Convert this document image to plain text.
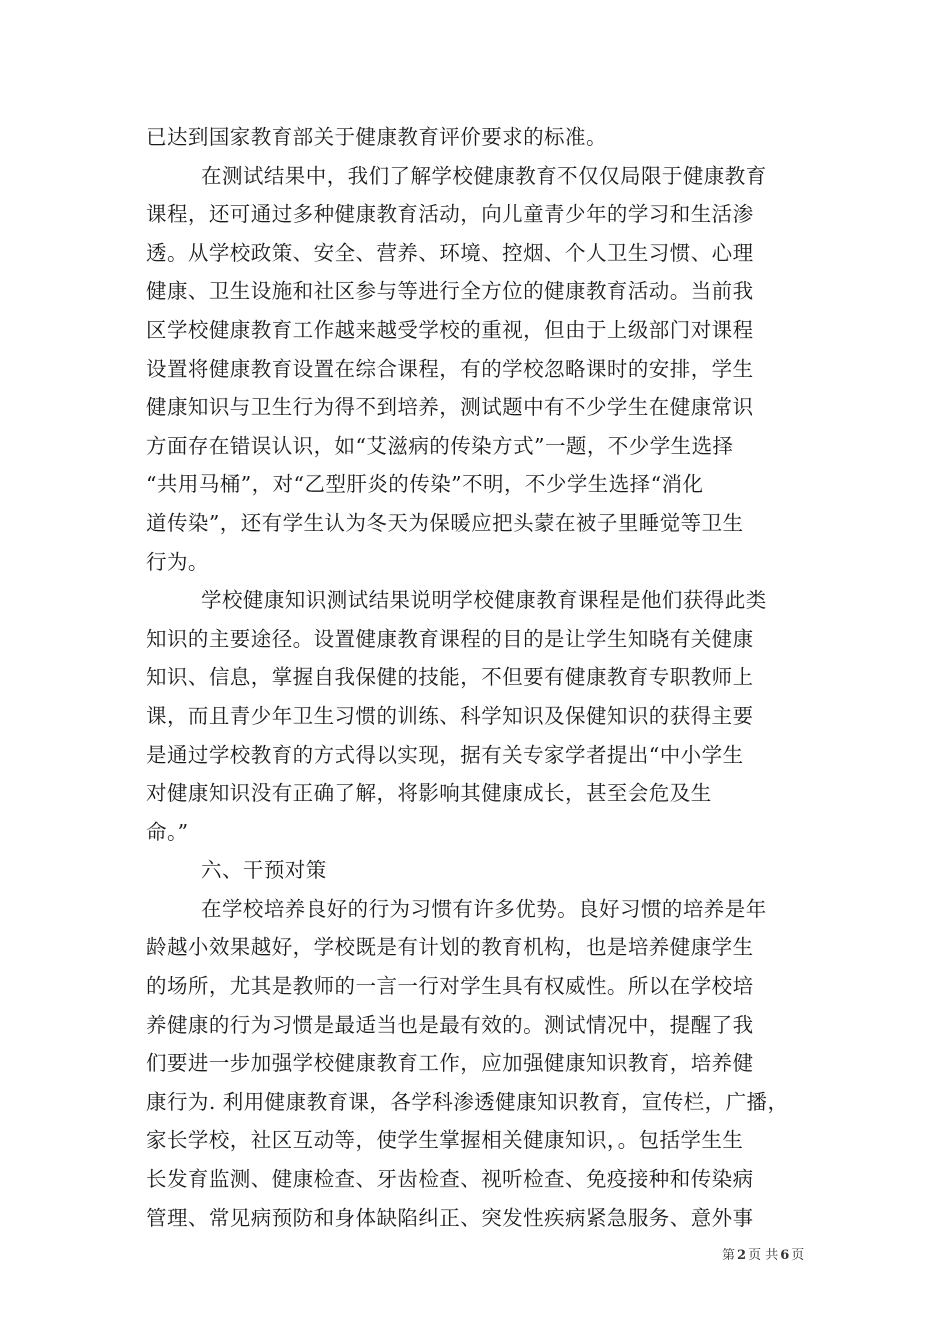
已达到国家教育部关于健康教育评价要求的标准。
在测试结果中，我们了解学校健康教育不仅仅局限于健康教育
课程，还可通过多种健康教育活动，向儿童青少年的学习和生活渗
透。从学校政策、安全、营养、环境、控烟、个人卫生习惯、心理
健康、卫生设施和社区参与等进行全方位的健康教育活动。当前我
区学校健康教育工作越来越受学校的重视，但由于上级部门对课程
设置将健康教育设置在综合课程，有的学校忽略课时的安排，学生
健康知识与卫生行为得不到培养，测试题中有不少学生在健康常识
方面存在错误认识，如“艾滋病的传染方式”一题，不少学生选择
“共用马桶”，对“乙型肝炎的传染”不明，不少学生选择“消化
道传染”，还有学生认为冬天为保暖应把头蒙在被子里睡觉等卫生
行为。
学校健康知识测试结果说明学校健康教育课程是他们获得此类
知识的主要途径。设置健康教育课程的目的是让学生知晓有关健康
知识、信息，掌握自我保健的技能，不但要有健康教育专职教师上
课，而且青少年卫生习惯的训练、科学知识及保健知识的获得主要
是通过学校教育的方式得以实现，据有关专家学者提出“中小学生
对健康知识没有正确了解，将影响其健康成长，甚至会危及生
命。”
六、干预对策
在学校培养良好的行为习惯有许多优势。良好习惯的培养是年
龄越小效果越好，学校既是有计划的教育机构，也是培养健康学生
的场所，尤其是教师的一言一行对学生具有权威性。所以在学校培
养健康的行为习惯是最适当也是最有效的。测试情况中，提醒了我
们要进一步加强学校健康教育工作，应加强健康知识教育，培养健
康行为. 利用健康教育课，各学科渗透健康知识教育，宣传栏，广播，
家长学校，社区互动等，使学生掌握相关健康知识，。包括学生生
长发育监测、健康检查、牙齿检查、视听检查、免疫接种和传染病
管理、常见病预防和身体缺陷纠正、突发性疾病紧急服务、意外事
第 2 页 共 6 页
